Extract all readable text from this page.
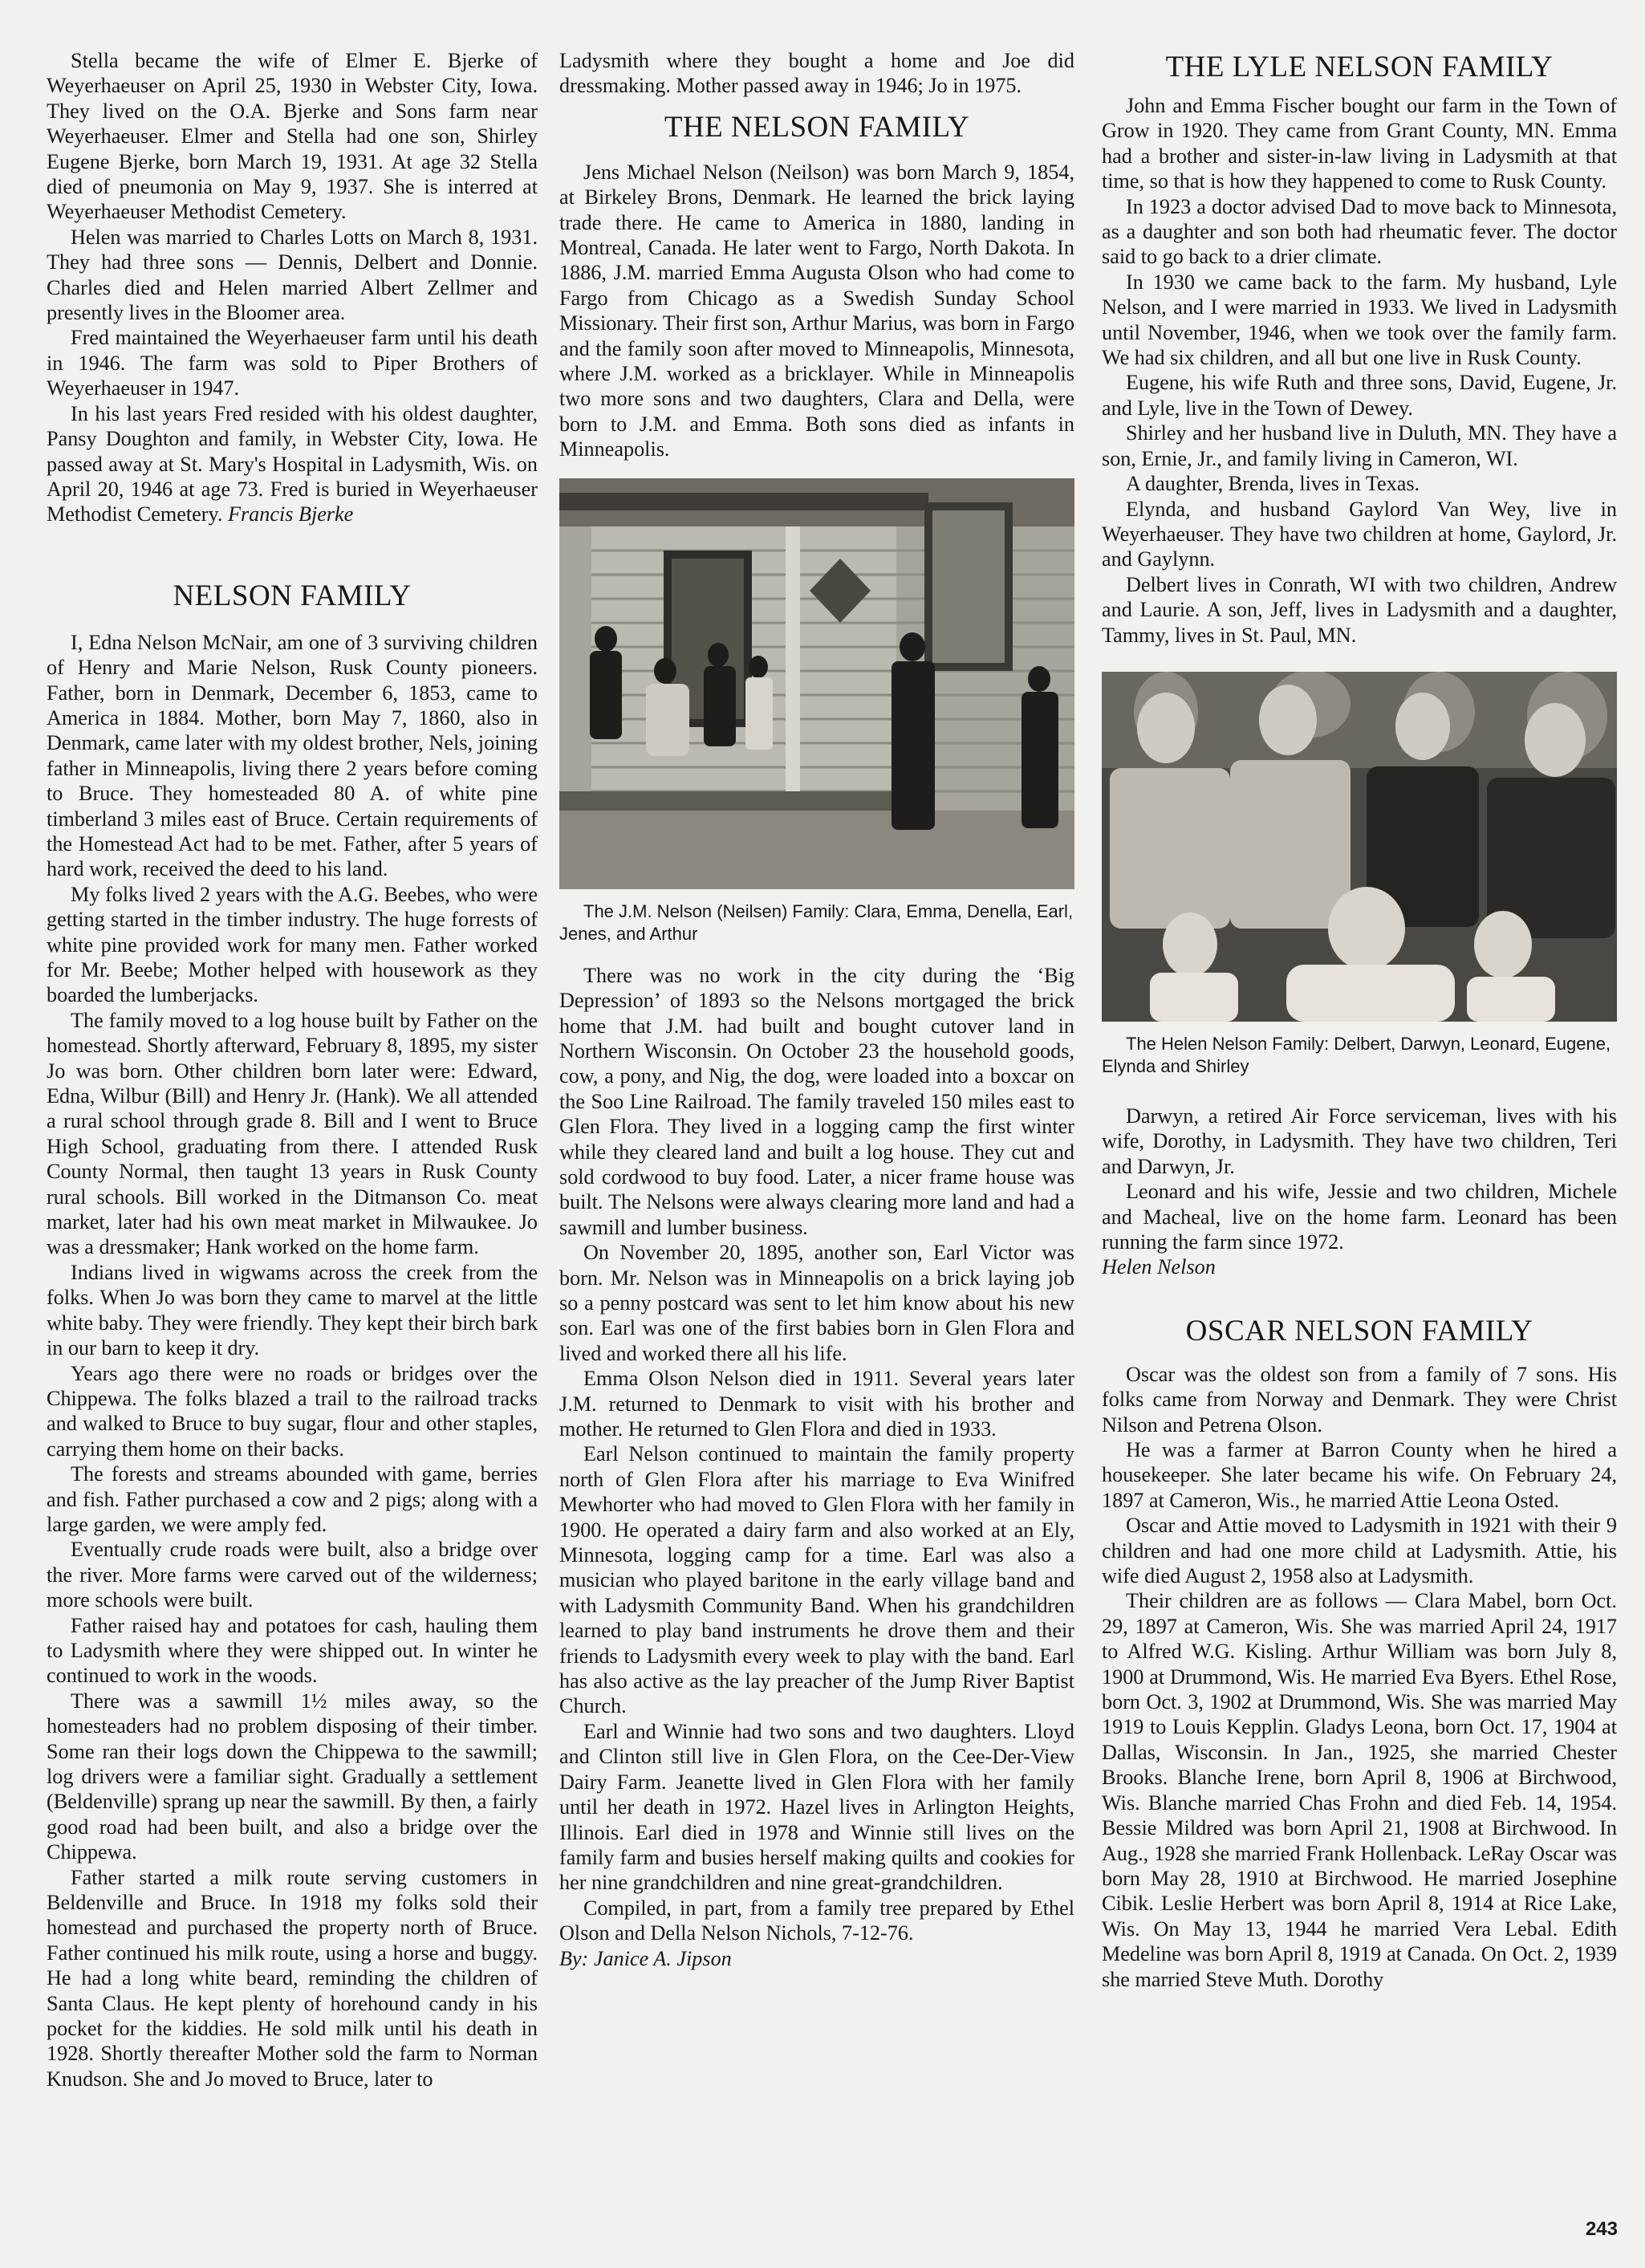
Stella became the wife of Elmer E. Bjerke of Weyerhaeuser on April 25, 1930 in Webster City, Iowa. They lived on the O.A. Bjerke and Sons farm near Weyerhaeuser. Elmer and Stella had one son, Shirley Eugene Bjerke, born March 19, 1931. At age 32 Stella died of pneumonia on May 9, 1937. She is interred at Weyerhaeuser Methodist Cemetery.

Helen was married to Charles Lotts on March 8, 1931. They had three sons — Dennis, Delbert and Donnie. Charles died and Helen married Albert Zellmer and presently lives in the Bloomer area.

Fred maintained the Weyerhaeuser farm until his death in 1946. The farm was sold to Piper Brothers of Weyerhaeuser in 1947.

In his last years Fred resided with his oldest daughter, Pansy Doughton and family, in Webster City, Iowa. He passed away at St. Mary's Hospital in Ladysmith, Wis. on April 20, 1946 at age 73. Fred is buried in Weyerhaeuser Methodist Cemetery. Francis Bjerke

NELSON FAMILY

I, Edna Nelson McNair, am one of 3 surviving children of Henry and Marie Nelson, Rusk County pioneers. Father, born in Denmark, December 6, 1853, came to America in 1884. Mother, born May 7, 1860, also in Denmark, came later with my oldest brother, Nels, joining father in Minneapolis, living there 2 years before coming to Bruce. They homesteaded 80 A. of white pine timberland 3 miles east of Bruce. Certain requirements of the Homestead Act had to be met. Father, after 5 years of hard work, received the deed to his land.

My folks lived 2 years with the A.G. Beebes, who were getting started in the timber industry. The huge forrests of white pine provided work for many men. Father worked for Mr. Beebe; Mother helped with housework as they boarded the lumberjacks.

The family moved to a log house built by Father on the homestead. Shortly afterward, February 8, 1895, my sister Jo was born. Other children born later were: Edward, Edna, Wilbur (Bill) and Henry Jr. (Hank). We all attended a rural school through grade 8. Bill and I went to Bruce High School, graduating from there. I attended Rusk County Normal, then taught 13 years in Rusk County rural schools. Bill worked in the Ditmanson Co. meat market, later had his own meat market in Milwaukee. Jo was a dressmaker; Hank worked on the home farm.

Indians lived in wigwams across the creek from the folks. When Jo was born they came to marvel at the little white baby. They were friendly. They kept their birch bark in our barn to keep it dry.

Years ago there were no roads or bridges over the Chippewa. The folks blazed a trail to the railroad tracks and walked to Bruce to buy sugar, flour and other staples, carrying them home on their backs.

The forests and streams abounded with game, berries and fish. Father purchased a cow and 2 pigs; along with a large garden, we were amply fed.

Eventually crude roads were built, also a bridge over the river. More farms were carved out of the wilderness; more schools were built.

Father raised hay and potatoes for cash, hauling them to Ladysmith where they were shipped out. In winter he continued to work in the woods.

There was a sawmill 1½ miles away, so the homesteaders had no problem disposing of their timber. Some ran their logs down the Chippewa to the sawmill; log drivers were a familiar sight. Gradually a settlement (Beldenville) sprang up near the sawmill. By then, a fairly good road had been built, and also a bridge over the Chippewa.

Father started a milk route serving customers in Beldenville and Bruce. In 1918 my folks sold their homestead and purchased the property north of Bruce. Father continued his milk route, using a horse and buggy. He had a long white beard, reminding the children of Santa Claus. He kept plenty of horehound candy in his pocket for the kiddies. He sold milk until his death in 1928. Shortly thereafter Mother sold the farm to Norman Knudson. She and Jo moved to Bruce, later to

Ladysmith where they bought a home and Joe did dressmaking. Mother passed away in 1946; Jo in 1975.

THE NELSON FAMILY

Jens Michael Nelson (Neilson) was born March 9, 1854, at Birkeley Brons, Denmark. He learned the brick laying trade there. He came to America in 1880, landing in Montreal, Canada. He later went to Fargo, North Dakota. In 1886, J.M. married Emma Augusta Olson who had come to Fargo from Chicago as a Swedish Sunday School Missionary. Their first son, Arthur Marius, was born in Fargo and the family soon after moved to Minneapolis, Minnesota, where J.M. worked as a bricklayer. While in Minneapolis two more sons and two daughters, Clara and Della, were born to J.M. and Emma. Both sons died as infants in Minneapolis.

The J.M. Nelson (Neilsen) Family: Clara, Emma, Denella, Earl, Jenes, and Arthur

There was no work in the city during the ‘Big Depression’ of 1893 so the Nelsons mortgaged the brick home that J.M. had built and bought cutover land in Northern Wisconsin. On October 23 the household goods, cow, a pony, and Nig, the dog, were loaded into a boxcar on the Soo Line Railroad. The family traveled 150 miles east to Glen Flora. They lived in a logging camp the first winter while they cleared land and built a log house. They cut and sold cordwood to buy food. Later, a nicer frame house was built. The Nelsons were always clearing more land and had a sawmill and lumber business.

On November 20, 1895, another son, Earl Victor was born. Mr. Nelson was in Minneapolis on a brick laying job so a penny postcard was sent to let him know about his new son. Earl was one of the first babies born in Glen Flora and lived and worked there all his life.

Emma Olson Nelson died in 1911. Several years later J.M. returned to Denmark to visit with his brother and mother. He returned to Glen Flora and died in 1933.

Earl Nelson continued to maintain the family property north of Glen Flora after his marriage to Eva Winifred Mewhorter who had moved to Glen Flora with her family in 1900. He operated a dairy farm and also worked at an Ely, Minnesota, logging camp for a time. Earl was also a musician who played baritone in the early village band and with Ladysmith Community Band. When his grandchildren learned to play band instruments he drove them and their friends to Ladysmith every week to play with the band. Earl has also active as the lay preacher of the Jump River Baptist Church.

Earl and Winnie had two sons and two daughters. Lloyd and Clinton still live in Glen Flora, on the Cee-Der-View Dairy Farm. Jeanette lived in Glen Flora with her family until her death in 1972. Hazel lives in Arlington Heights, Illinois. Earl died in 1978 and Winnie still lives on the family farm and busies herself making quilts and cookies for her nine grandchildren and nine great-grandchildren.

Compiled, in part, from a family tree prepared by Ethel Olson and Della Nelson Nichols, 7-12-76.

By: Janice A. Jipson

THE LYLE NELSON FAMILY

John and Emma Fischer bought our farm in the Town of Grow in 1920. They came from Grant County, MN. Emma had a brother and sister-in-law living in Ladysmith at that time, so that is how they happened to come to Rusk County.

In 1923 a doctor advised Dad to move back to Minnesota, as a daughter and son both had rheumatic fever. The doctor said to go back to a drier climate.

In 1930 we came back to the farm. My husband, Lyle Nelson, and I were married in 1933. We lived in Ladysmith until November, 1946, when we took over the family farm. We had six children, and all but one live in Rusk County.

Eugene, his wife Ruth and three sons, David, Eugene, Jr. and Lyle, live in the Town of Dewey.

Shirley and her husband live in Duluth, MN. They have a son, Ernie, Jr., and family living in Cameron, WI.

A daughter, Brenda, lives in Texas.

Elynda, and husband Gaylord Van Wey, live in Weyerhaeuser. They have two children at home, Gaylord, Jr. and Gaylynn.

Delbert lives in Conrath, WI with two children, Andrew and Laurie. A son, Jeff, lives in Ladysmith and a daughter, Tammy, lives in St. Paul, MN.

The Helen Nelson Family: Delbert, Darwyn, Leonard, Eugene, Elynda and Shirley

Darwyn, a retired Air Force serviceman, lives with his wife, Dorothy, in Ladysmith. They have two children, Teri and Darwyn, Jr.

Leonard and his wife, Jessie and two children, Michele and Macheal, live on the home farm. Leonard has been running the farm since 1972.

Helen Nelson

OSCAR NELSON FAMILY

Oscar was the oldest son from a family of 7 sons. His folks came from Norway and Denmark. They were Christ Nilson and Petrena Olson.

He was a farmer at Barron County when he hired a housekeeper. She later became his wife. On February 24, 1897 at Cameron, Wis., he married Attie Leona Osted.

Oscar and Attie moved to Ladysmith in 1921 with their 9 children and had one more child at Ladysmith. Attie, his wife died August 2, 1958 also at Ladysmith.

Their children are as follows — Clara Mabel, born Oct. 29, 1897 at Cameron, Wis. She was married April 24, 1917 to Alfred W.G. Kisling. Arthur William was born July 8, 1900 at Drummond, Wis. He married Eva Byers. Ethel Rose, born Oct. 3, 1902 at Drummond, Wis. She was married May 1919 to Louis Kepplin. Gladys Leona, born Oct. 17, 1904 at Dallas, Wisconsin. In Jan., 1925, she married Chester Brooks. Blanche Irene, born April 8, 1906 at Birchwood, Wis. Blanche married Chas Frohn and died Feb. 14, 1954. Bessie Mildred was born April 21, 1908 at Birchwood. In Aug., 1928 she married Frank Hollenback. LeRay Oscar was born May 28, 1910 at Birchwood. He married Josephine Cibik. Leslie Herbert was born April 8, 1914 at Rice Lake, Wis. On May 13, 1944 he married Vera Lebal. Edith Medeline was born April 8, 1919 at Canada. On Oct. 2, 1939 she married Steve Muth. Dorothy

243
